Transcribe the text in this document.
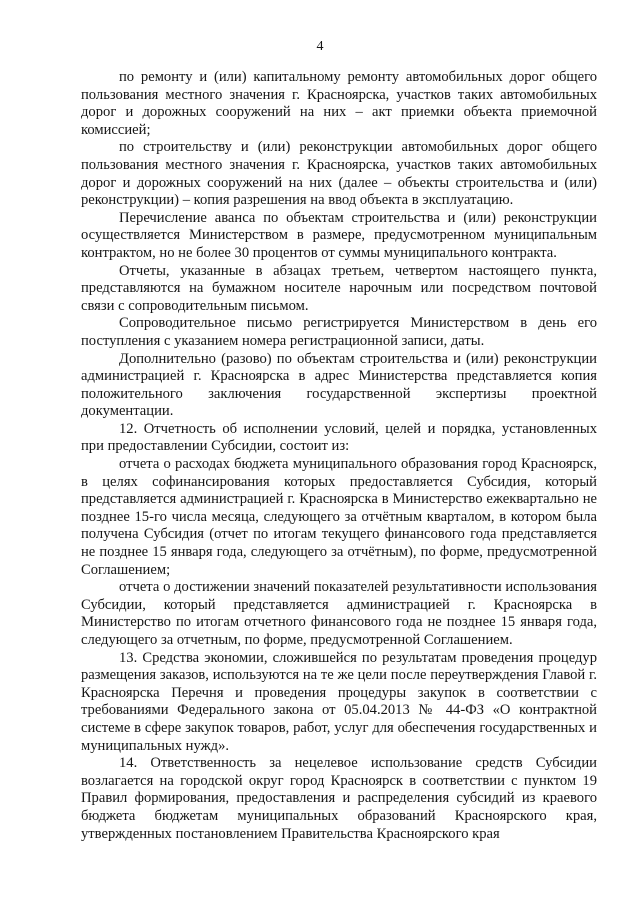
4

по ремонту и (или) капитальному ремонту автомобильных дорог общего пользования местного значения г. Красноярска, участков таких автомобильных дорог и дорожных сооружений на них – акт приемки объекта приемочной комиссией;

по строительству и (или) реконструкции автомобильных дорог общего пользования местного значения г. Красноярска, участков таких автомобильных дорог и дорожных сооружений на них (далее – объекты строительства и (или) реконструкции) – копия разрешения на ввод объекта в эксплуатацию.

Перечисление аванса по объектам строительства и (или) реконструкции осуществляется Министерством в размере, предусмотренном муниципальным контрактом, но не более 30 процентов от суммы муниципального контракта.

Отчеты, указанные в абзацах третьем, четвертом настоящего пункта, представляются на бумажном носителе нарочным или посредством почтовой связи с сопроводительным письмом.

Сопроводительное письмо регистрируется Министерством в день его поступления с указанием номера регистрационной записи, даты.

Дополнительно (разово) по объектам строительства и (или) реконструкции администрацией г. Красноярска в адрес Министерства представляется копия положительного заключения государственной экспертизы проектной документации.

12. Отчетность об исполнении условий, целей и порядка, установленных при предоставлении Субсидии, состоит из:

отчета о расходах бюджета муниципального образования город Красноярск, в целях софинансирования которых предоставляется Субсидия, который представляется администрацией г. Красноярска в Министерство ежеквартально не позднее 15-го числа месяца, следующего за отчётным кварталом, в котором была получена Субсидия (отчет по итогам текущего финансового года представляется не позднее 15 января года, следующего за отчётным), по форме, предусмотренной Соглашением;

отчета о достижении значений показателей результативности использования Субсидии, который представляется администрацией г. Красноярска в Министерство по итогам отчетного финансового года не позднее 15 января года, следующего за отчетным, по форме, предусмотренной Соглашением.

13. Средства экономии, сложившейся по результатам проведения процедур размещения заказов, используются на те же цели после переутверждения Главой г. Красноярска Перечня и проведения процедуры закупок в соответствии с требованиями Федерального закона от 05.04.2013 № 44-ФЗ «О контрактной системе в сфере закупок товаров, работ, услуг для обеспечения государственных и муниципальных нужд».

14. Ответственность за нецелевое использование средств Субсидии возлагается на городской округ город Красноярск в соответствии с пунктом 19 Правил формирования, предоставления и распределения субсидий из краевого бюджета бюджетам муниципальных образований Красноярского края, утвержденных постановлением Правительства Красноярского края
